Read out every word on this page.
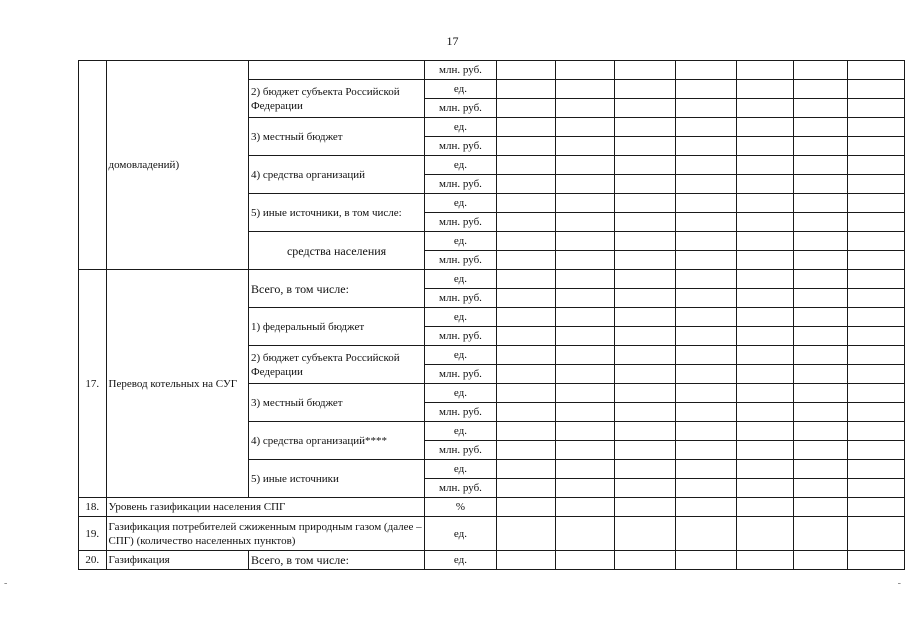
17
	домовладений)		млн. руб.							
		2) бюджет субъекта Российской Федерации	ед.							
			млн. руб.							
		3) местный бюджет	ед.							
			млн. руб.							
		4) средства организаций	ед.							
			млн. руб.							
		5) иные источники, в том числе:	ед.							
			млн. руб.							
		средства населения	ед.							
			млн. руб.							
17.	Перевод котельных на СУГ	Всего, в том числе:	ед.							
			млн. руб.							
		1) федеральный бюджет	ед.							
			млн. руб.							
		2) бюджет субъекта Российской Федерации	ед.							
			млн. руб.							
		3) местный бюджет	ед.							
			млн. руб.							
		4) средства организаций****	ед.							
			млн. руб.							
		5) иные источники	ед.							
			млн. руб.							
18.	Уровень газификации населения СПГ		%							
19.	Газификация потребителей сжиженным природным газом (далее – СПГ) (количество населенных пунктов)		ед.							
20.	Газификация	Всего, в том числе:	ед.							
-	-
